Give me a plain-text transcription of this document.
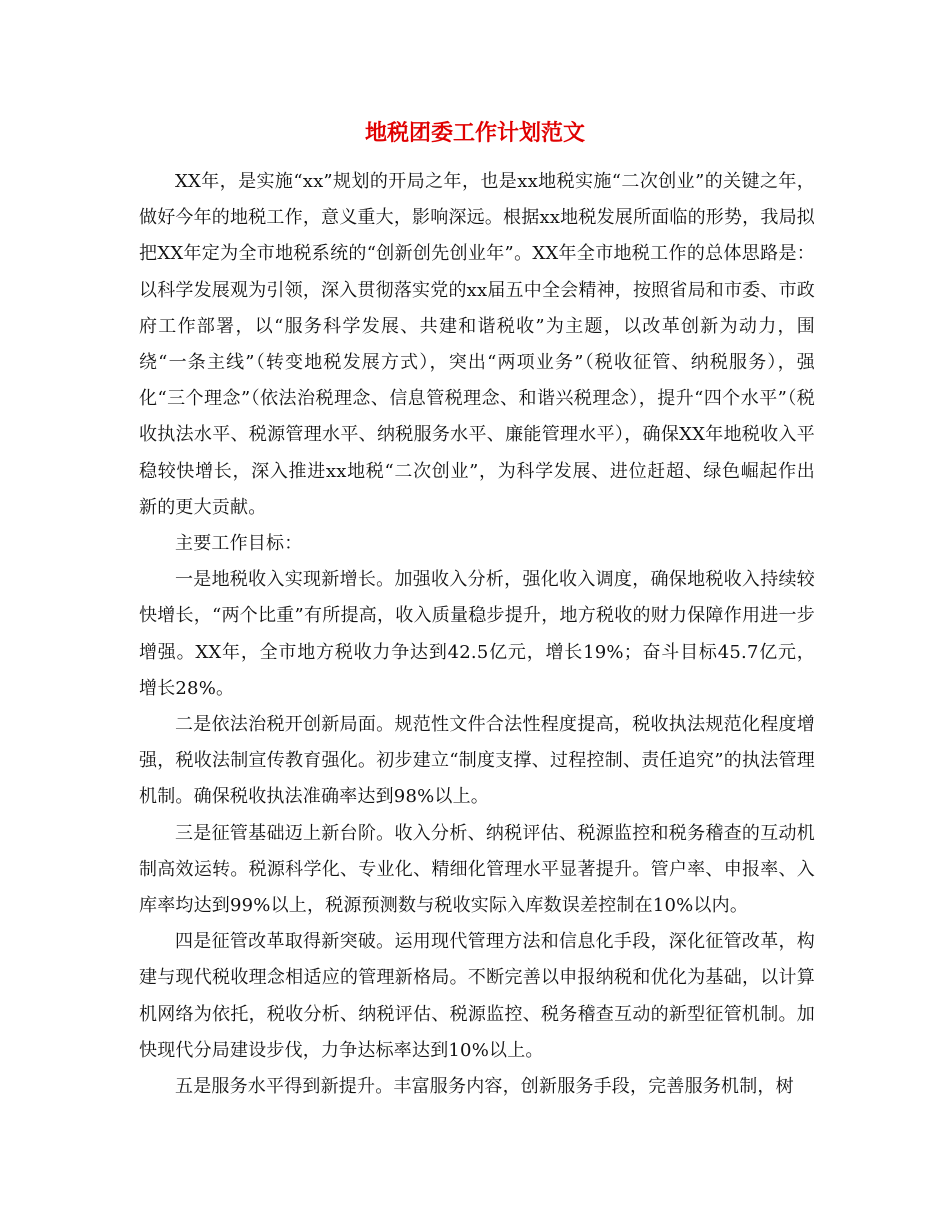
地税团委工作计划范文

XX年，是实施“xx”规划的开局之年，也是xx地税实施“二次创业”的关键之年，做好今年的地税工作，意义重大，影响深远。根据xx地税发展所面临的形势，我局拟把XX年定为全市地税系统的“创新创先创业年”。XX年全市地税工作的总体思路是：以科学发展观为引领，深入贯彻落实党的xx届五中全会精神，按照省局和市委、市政府工作部署，以“服务科学发展、共建和谐税收”为主题，以改革创新为动力，围绕“一条主线”（转变地税发展方式），突出“两项业务”（税收征管、纳税服务），强化“三个理念”（依法治税理念、信息管税理念、和谐兴税理念），提升“四个水平”（税收执法水平、税源管理水平、纳税服务水平、廉能管理水平），确保XX年地税收入平稳较快增长，深入推进xx地税“二次创业”，为科学发展、进位赶超、绿色崛起作出新的更大贡献。

主要工作目标：

一是地税收入实现新增长。加强收入分析，强化收入调度，确保地税收入持续较快增长，“两个比重”有所提高，收入质量稳步提升，地方税收的财力保障作用进一步增强。XX年，全市地方税收力争达到42.5亿元，增长19%；奋斗目标45.7亿元，增长28%。

二是依法治税开创新局面。规范性文件合法性程度提高，税收执法规范化程度增强，税收法制宣传教育强化。初步建立“制度支撑、过程控制、责任追究”的执法管理机制。确保税收执法准确率达到98%以上。

三是征管基础迈上新台阶。收入分析、纳税评估、税源监控和税务稽查的互动机制高效运转。税源科学化、专业化、精细化管理水平显著提升。管户率、申报率、入库率均达到99%以上，税源预测数与税收实际入库数误差控制在10%以内。

四是征管改革取得新突破。运用现代管理方法和信息化手段，深化征管改革，构建与现代税收理念相适应的管理新格局。不断完善以申报纳税和优化为基础，以计算机网络为依托，税收分析、纳税评估、税源监控、税务稽查互动的新型征管机制。加快现代分局建设步伐，力争达标率达到10%以上。

五是服务水平得到新提升。丰富服务内容，创新服务手段，完善服务机制，树
